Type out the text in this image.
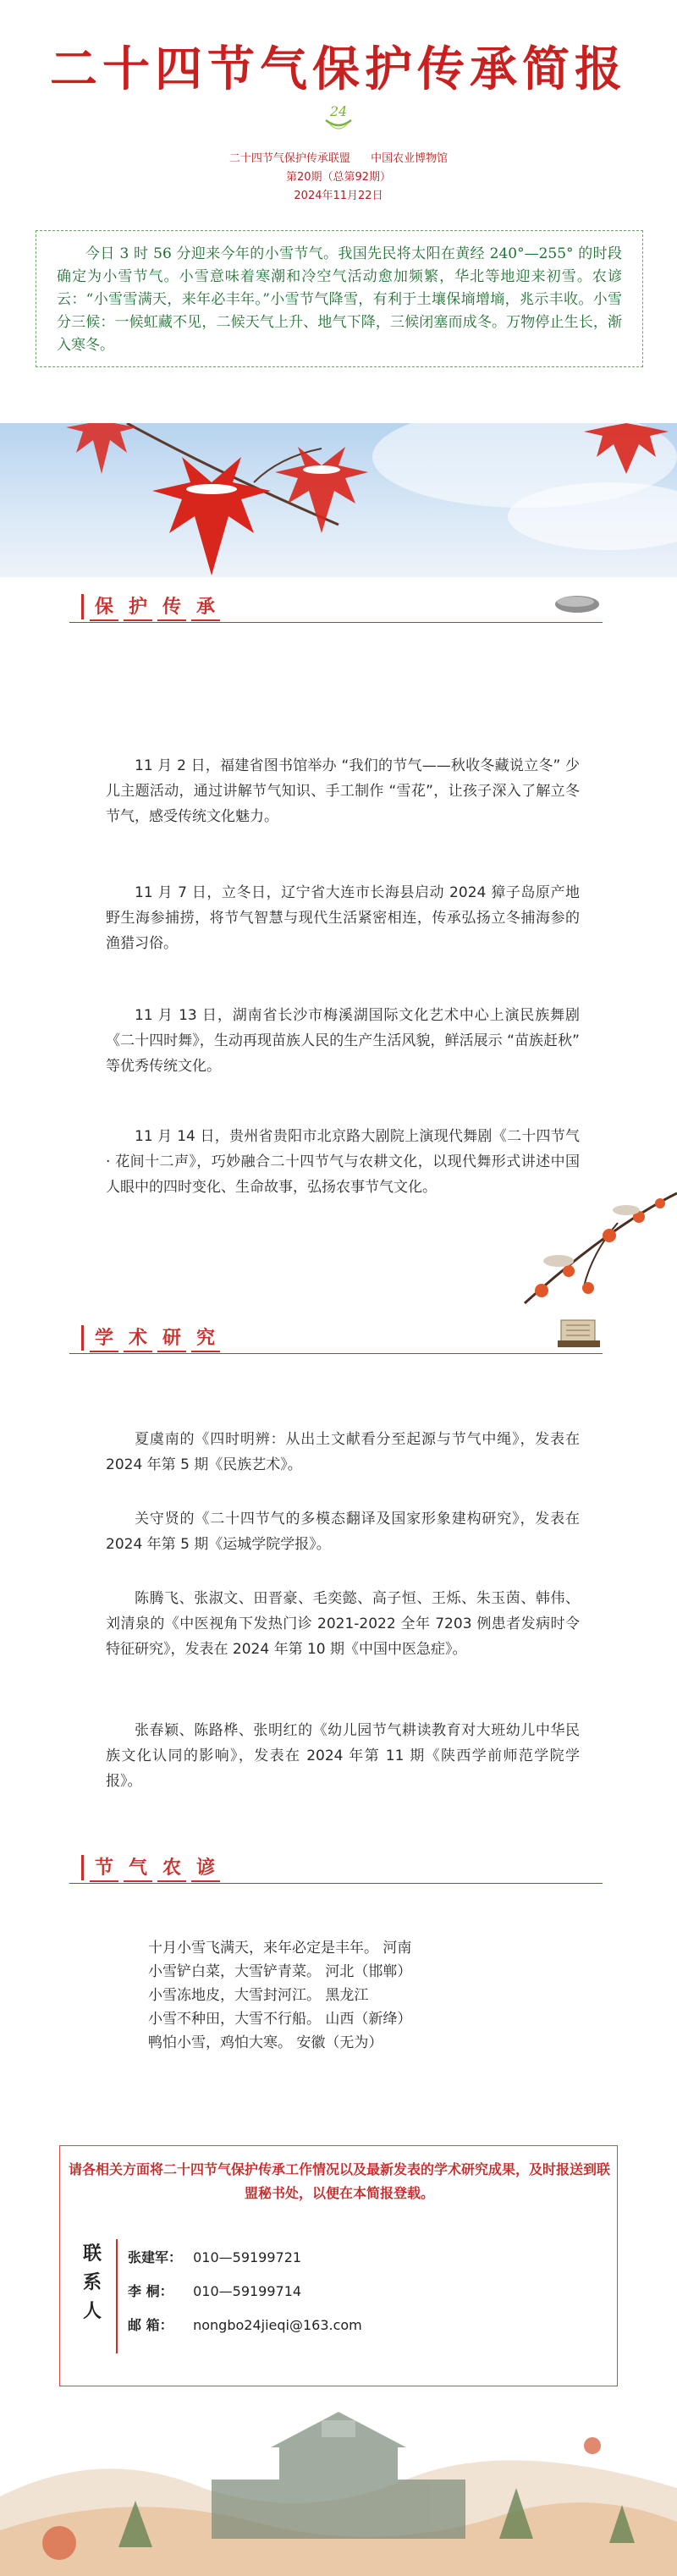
二十四节气保护传承简报
24
二十四节气保护传承联盟 中国农业博物馆
第20期（总第92期）
2024年11月22日

今日 3 时 56 分迎来今年的小雪节气。我国先民将太阳在黄经 240°—255° 的时段确定为小雪节气。小雪意味着寒潮和冷空气活动愈加频繁，华北等地迎来初雪。农谚云：“小雪雪满天，来年必丰年。”小雪节气降雪，有利于土壤保墒增墒，兆示丰收。小雪分三候：一候虹藏不见，二候天气上升、地气下降，三候闭塞而成冬。万物停止生长，渐入寒冬。

保 护 传 承

11 月 2 日，福建省图书馆举办 “我们的节气——秋收冬藏说立冬” 少儿主题活动，通过讲解节气知识、手工制作 “雪花”，让孩子深入了解立冬节气，感受传统文化魅力。

11 月 7 日，立冬日，辽宁省大连市长海县启动 2024 獐子岛原产地野生海参捕捞，将节气智慧与现代生活紧密相连，传承弘扬立冬捕海参的渔猎习俗。

11 月 13 日，湖南省长沙市梅溪湖国际文化艺术中心上演民族舞剧《二十四时舞》，生动再现苗族人民的生产生活风貌，鲜活展示 “苗族赶秋” 等优秀传统文化。

11 月 14 日，贵州省贵阳市北京路大剧院上演现代舞剧《二十四节气 · 花间十二声》，巧妙融合二十四节气与农耕文化，以现代舞形式讲述中国人眼中的四时变化、生命故事，弘扬农事节气文化。

学 术 研 究

夏虞南的《四时明辨：从出土文献看分至起源与节气中绳》，发表在 2024 年第 5 期《民族艺术》。

关守贤的《二十四节气的多模态翻译及国家形象建构研究》，发表在 2024 年第 5 期《运城学院学报》。

陈腾飞、张淑文、田晋豪、毛奕懿、高子恒、王烁、朱玉茵、韩伟、刘清泉的《中医视角下发热门诊 2021-2022 全年 7203 例患者发病时令特征研究》，发表在 2024 年第 10 期《中国中医急症》。

张春颖、陈路桦、张明红的《幼儿园节气耕读教育对大班幼儿中华民族文化认同的影响》，发表在 2024 年第 11 期《陕西学前师范学院学报》。

节 气 农 谚
十月小雪飞满天，来年必定是丰年。 河南
小雪铲白菜，大雪铲青菜。 河北（邯郸）
小雪冻地皮，大雪封河江。 黑龙江
小雪不种田，大雪不行船。 山西（新绛）
鸭怕小雪，鸡怕大寒。 安徽（无为）
请各相关方面将二十四节气保护传承工作情况以及最新发表的学术研究成果，及时报送到联盟秘书处，以便在本简报登载。
联
系
人
张建军： 010—59199721
李 桐： 010—59199714
邮 箱： nongbo24jieqi@163.com
